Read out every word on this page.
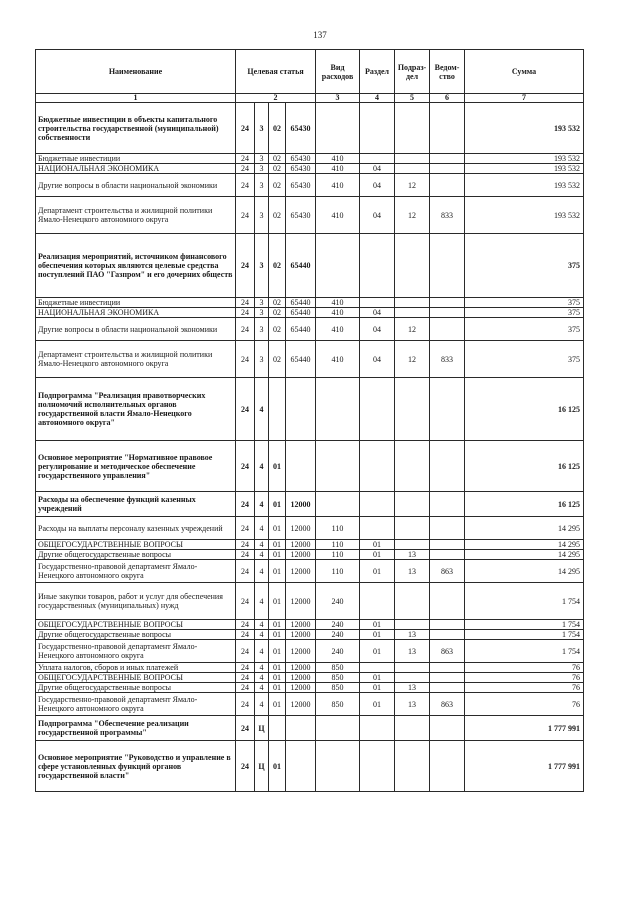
137
Наименование	Целевая статья				Вид расходов	Раздел	Подраз-дел	Ведом-ство	Сумма
1	2				3	4	5	6	7
Бюджетные инвестиции в объекты капитального строительства государственной (муниципальной) собственности	24	3	02	65430					193 532
Бюджетные инвестиции	24	3	02	65430	410				193 532
НАЦИОНАЛЬНАЯ ЭКОНОМИКА	24	3	02	65430	410	04			193 532
Другие вопросы в области национальной экономики	24	3	02	65430	410	04	12		193 532
Департамент строительства и жилищной политики Ямало-Ненецкого автономного округа	24	3	02	65430	410	04	12	833	193 532
Реализация мероприятий, источником финансового обеспечения которых являются целевые средства поступлений ПАО "Газпром" и его дочерних обществ	24	3	02	65440					375
Бюджетные инвестиции	24	3	02	65440	410				375
НАЦИОНАЛЬНАЯ ЭКОНОМИКА	24	3	02	65440	410	04			375
Другие вопросы в области национальной экономики	24	3	02	65440	410	04	12		375
Департамент строительства и жилищной политики Ямало-Ненецкого автономного округа	24	3	02	65440	410	04	12	833	375
Подпрограмма "Реализация правотворческих полномочий исполнительных органов государственной власти Ямало-Ненецкого автономного округа"	24	4							16 125
Основное мероприятие "Нормативное правовое регулирование и методическое обеспечение государственного управления"	24	4	01						16 125
Расходы на обеспечение функций казенных учреждений	24	4	01	12000					16 125
Расходы на выплаты персоналу казенных учреждений	24	4	01	12000	110				14 295
ОБЩЕГОСУДАРСТВЕННЫЕ ВОПРОСЫ	24	4	01	12000	110	01			14 295
Другие общегосударственные вопросы	24	4	01	12000	110	01	13		14 295
Государственно-правовой департамент Ямало-Ненецкого автономного округа	24	4	01	12000	110	01	13	863	14 295
Иные закупки товаров, работ и услуг для обеспечения государственных (муниципальных) нужд	24	4	01	12000	240				1 754
ОБЩЕГОСУДАРСТВЕННЫЕ ВОПРОСЫ	24	4	01	12000	240	01			1 754
Другие общегосударственные вопросы	24	4	01	12000	240	01	13		1 754
Государственно-правовой департамент Ямало-Ненецкого автономного округа	24	4	01	12000	240	01	13	863	1 754
Уплата налогов, сборов и иных платежей	24	4	01	12000	850				76
ОБЩЕГОСУДАРСТВЕННЫЕ ВОПРОСЫ	24	4	01	12000	850	01			76
Другие общегосударственные вопросы	24	4	01	12000	850	01	13		76
Государственно-правовой департамент Ямало-Ненецкого автономного округа	24	4	01	12000	850	01	13	863	76
Подпрограмма "Обеспечение реализации государственной программы"	24	Ц							1 777 991
Основное мероприятие "Руководство и управление в сфере установленных функций органов государственной власти"	24	Ц	01						1 777 991
